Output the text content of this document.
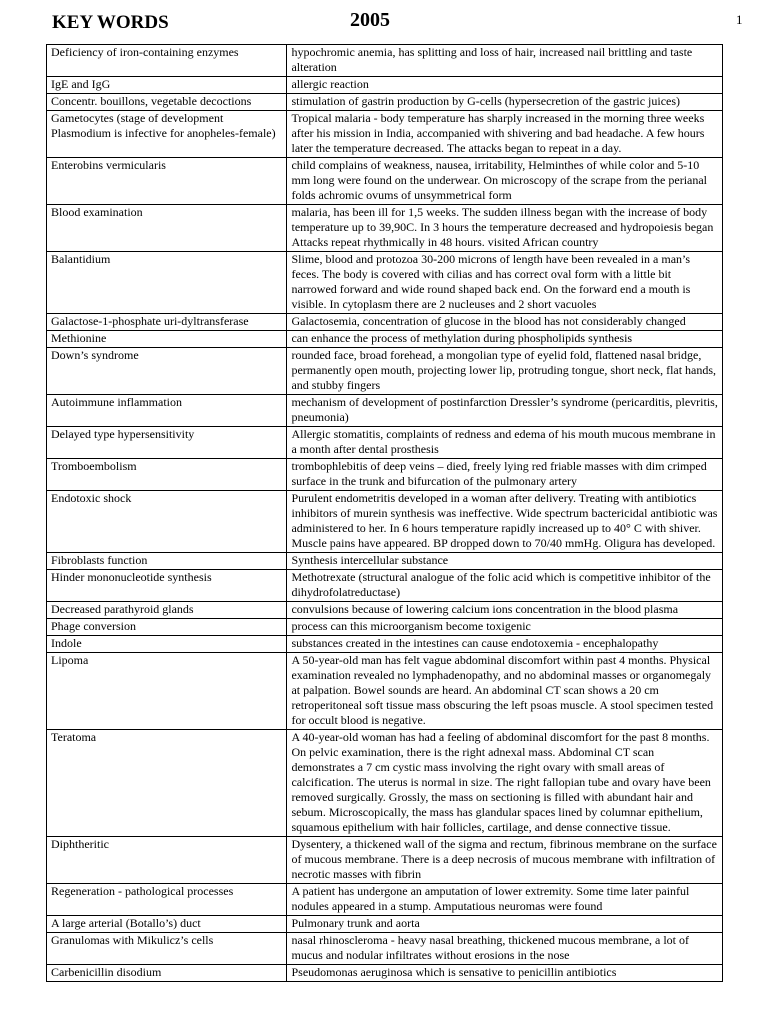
KEY WORDS	2005	1
Deficiency of iron-containing enzymes	hypochromic anemia, has splitting and loss of hair, increased nail brittling and taste alteration
IgE and IgG	allergic reaction
Concentr. bouillons, vegetable decoctions	stimulation of gastrin production by G-cells (hypersecretion of the gastric juices)
Gametocytes (stage of development Plasmodium is infective for anopheles-female)	Tropical malaria - body temperature has sharply increased in the morning three weeks after his mission in India, accompanied with shivering and bad headache. A few hours later the temperature decreased. The attacks began to repeat in a day.
Enterobins vermicularis	child complains of weakness, nausea, irritability, Helminthes of while color and 5-10 mm long were found on the underwear. On microscopy of the scrape from the perianal folds achromic ovums of unsymmetrical form
Blood examination	malaria, has been ill for 1,5 weeks. The sudden illness began with the increase of body temperature up to 39,90C. In 3 hours the temperature decreased and hydropoiesis began Attacks repeat rhythmically in 48 hours. visited African country
Balantidium	Slime, blood and protozoa 30-200 microns of length have been revealed in a man’s feces. The body is covered with cilias and has correct oval form with a little bit narrowed forward and wide round shaped back end. On the forward end a mouth is visible. In cytoplasm there are 2 nucleuses and 2 short vacuoles
Galactose-1-phosphate uri-dyltransferase	Galactosemia, concentration of glucose in the blood has not considerably changed
Methionine	can enhance the process of methylation during phospholipids synthesis
Down’s syndrome	rounded face, broad forehead, a mongolian type of eyelid fold, flattened nasal bridge, permanently open mouth, projecting lower lip, protruding tongue, short neck, flat hands, and stubby fingers
Autoimmune inflammation	mechanism of development of postinfarction Dressler’s syndrome (pericarditis, plevritis, pneumonia)
Delayed type hypersensitivity	Allergic stomatitis, complaints of redness and edema of his mouth mucous membrane in a month after dental prosthesis
Tromboembolism	trombophlebitis of deep veins – died, freely lying red friable masses with dim crimped surface in the trunk and bifurcation of the pulmonary artery
Endotoxic shock	Purulent endometritis developed in a woman after delivery. Treating with antibiotics inhibitors of murein synthesis was ineffective. Wide spectrum bactericidal antibiotic was administered to her. In 6 hours temperature rapidly increased up to 40° C with shiver. Muscle pains have appeared. BP dropped down to 70/40 mmHg. Oligura has developed.
Fibroblasts function	Synthesis intercellular substance
Hinder mononucleotide synthesis	Methotrexate (structural analogue of the folic acid which is competitive inhibitor of the dihydrofolatreductase)
Decreased parathyroid glands	convulsions because of lowering calcium ions concentration in the blood plasma
Phage conversion	process can this microorganism become toxigenic
Indole	substances created in the intestines can cause endotoxemia - encephalopathy
Lipoma	A 50-year-old man has felt vague abdominal discomfort within past 4 months. Physical examination revealed no lymphadenopathy, and no abdominal masses or organomegaly at palpation. Bowel sounds are heard. An abdominal CT scan shows a 20 cm retroperitoneal soft tissue mass obscuring the left psoas muscle. A stool specimen tested for occult blood is negative.
Teratoma	A 40-year-old woman has had a feeling of abdominal discomfort for the past 8 months. On pelvic examination, there is the right adnexal mass. Abdominal CT scan demonstrates a 7 cm cystic mass involving the right ovary with small areas of calcification. The uterus is normal in size. The right fallopian tube and ovary have been removed surgically. Grossly, the mass on sectioning is filled with abundant hair and sebum. Microscopically, the mass has glandular spaces lined by columnar epithelium, squamous epithelium with hair follicles, cartilage, and dense connective tissue.
Diphtheritic	Dysentery, a thickened wall of the sigma and rectum, fibrinous membrane on the surface of mucous membrane. There is a deep necrosis of mucous membrane with infiltration of necrotic masses with fibrin
Regeneration - pathological processes	A patient has undergone an amputation of lower extremity. Some time later painful nodules appeared in a stump. Amputatious neuromas were found
A large arterial (Botallo’s) duct	Pulmonary trunk and aorta
Granulomas with Mikulicz’s cells	nasal rhinoscleroma - heavy nasal breathing, thickened mucous membrane, a lot of mucus and nodular infiltrates without erosions in the nose
Carbenicillin disodium	Pseudomonas aeruginosa which is sensative to penicillin antibiotics
